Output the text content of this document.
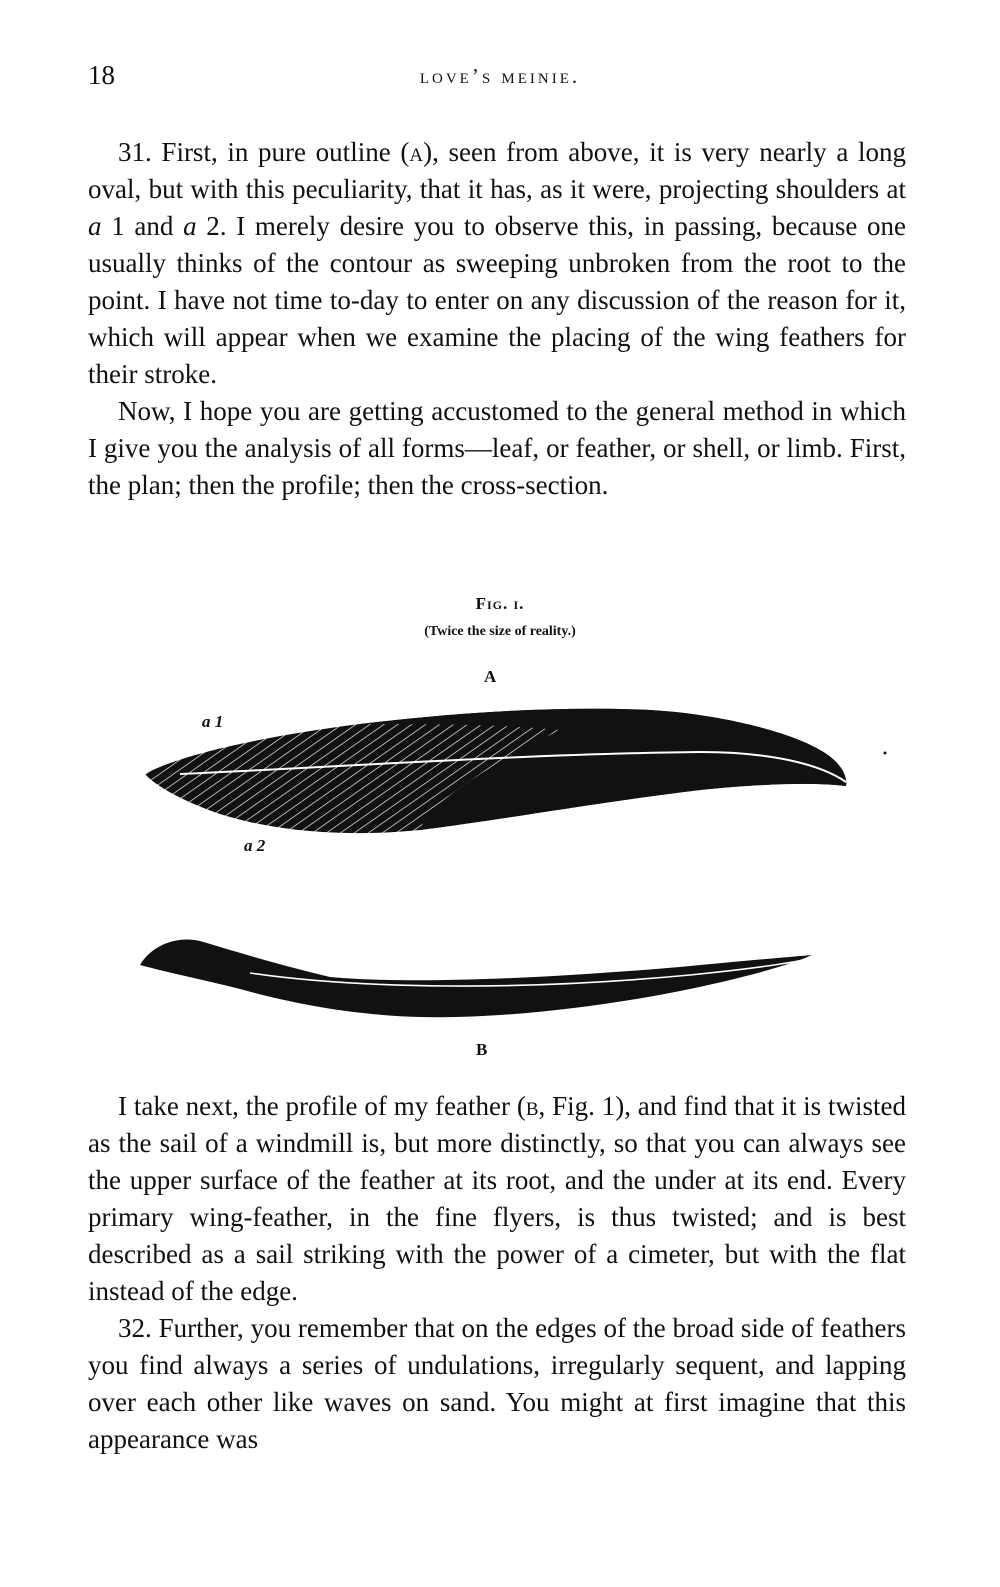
18	love’s meinie.

31. First, in pure outline (a), seen from above, it is very nearly a long oval, but with this peculiarity, that it has, as it were, projecting shoulders at a 1 and a 2. I merely desire you to observe this, in passing, because one usually thinks of the contour as sweeping unbroken from the root to the point. I have not time to-day to enter on any discussion of the reason for it, which will appear when we examine the placing of the wing feathers for their stroke.

Now, I hope you are getting accustomed to the general method in which I give you the analysis of all forms—leaf, or feather, or shell, or limb. First, the plan; then the profile; then the cross-section.

Fig. i.
(Twice the size of reality.)
A
a 1
a 2
B

I take next, the profile of my feather (b, Fig. 1), and find that it is twisted as the sail of a windmill is, but more distinctly, so that you can always see the upper surface of the feather at its root, and the under at its end. Every primary wing-feather, in the fine flyers, is thus twisted; and is best described as a sail striking with the power of a cimeter, but with the flat instead of the edge.

32. Further, you remember that on the edges of the broad side of feathers you find always a series of undulations, irregularly sequent, and lapping over each other like waves on sand. You might at first imagine that this appearance was
